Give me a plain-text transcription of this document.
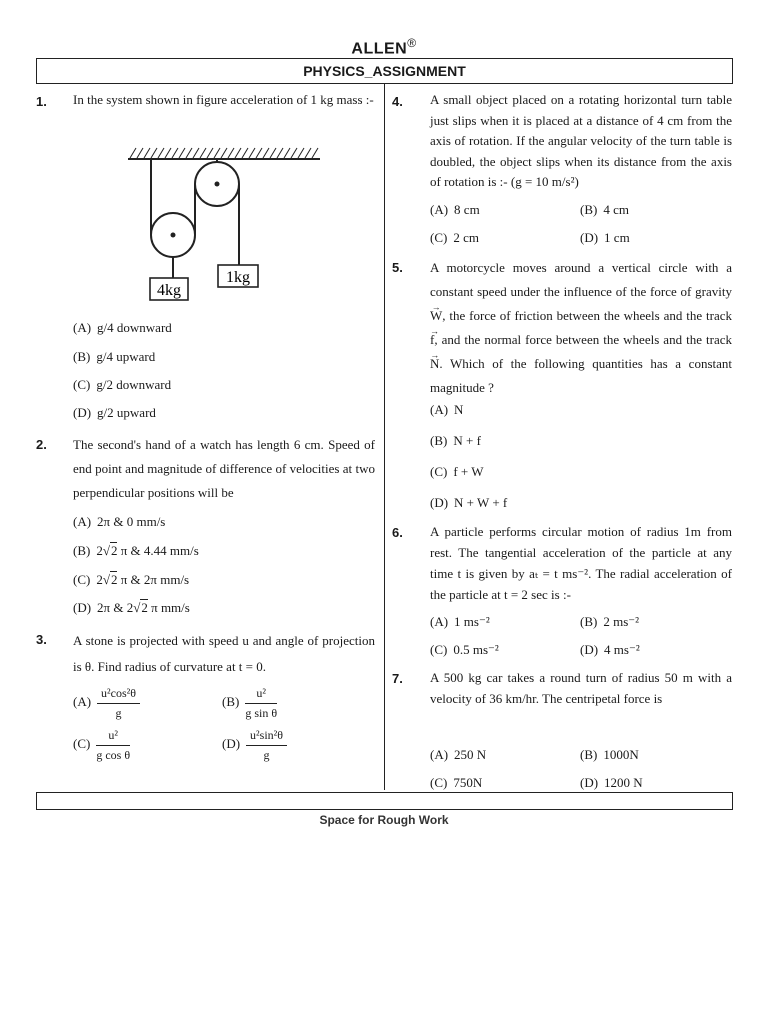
ALLEN®
PHYSICS_ASSIGNMENT
1. In the system shown in figure acceleration of 1 kg mass :-
4kg
1kg
(A) g/4 downward
(B) g/4 upward
(C) g/2 downward
(D) g/2 upward
2. The second's hand of a watch has length 6 cm. Speed of end point and magnitude of difference of velocities at two perpendicular positions will be
(A) 2π & 0 mm/s
(B) 2√2 π & 4.44 mm/s
(C) 2√2 π & 2π mm/s
(D) 2π & 2√2 π mm/s
3. A stone is projected with speed u and angle of projection is θ. Find radius of curvature at t = 0.
$(A) \frac{\text{u²cos²θ}}{g}$	$(B) \frac{\text{u²}}{\text{g sin θ}}$
$(C) \frac{\text{u²}}{\text{g cos θ}}$	$(D) \frac{\text{u²sin²θ}}{g}$
4. A small object placed on a rotating horizontal turn table just slips when it is placed at a distance of 4 cm from the axis of rotation. If the angular velocity of the turn table is doubled, the object slips when its distance from the axis of rotation is :- (g = 10 m/s²)
(A) 8 cm	(B) 4 cm
(C) 2 cm	(D) 1 cm
5. A motorcycle moves around a vertical circle with a constant speed under the influence of the force of gravity → W, the force of friction between the wheels and the track → f, and the normal force between the wheels and the track → N. Which of the following quantities has a constant magnitude ?
(A) N
(B) N + f
(C) f + W
(D) N + W + f
6. A particle performs circular motion of radius 1m from rest. The tangential acceleration of the particle at any time t is given by aₜ = t ms⁻². The radial acceleration of the particle at t = 2 sec is :-
(A) 1 ms⁻²	(B) 2 ms⁻²
(C) 0.5 ms⁻²	(D) 4 ms⁻²
7. A 500 kg car takes a round turn of radius 50 m with a velocity of 36 km/hr. The centripetal force is
(A) 250 N	(B) 1000N
(C) 750N	(D) 1200 N
Space for Rough Work
